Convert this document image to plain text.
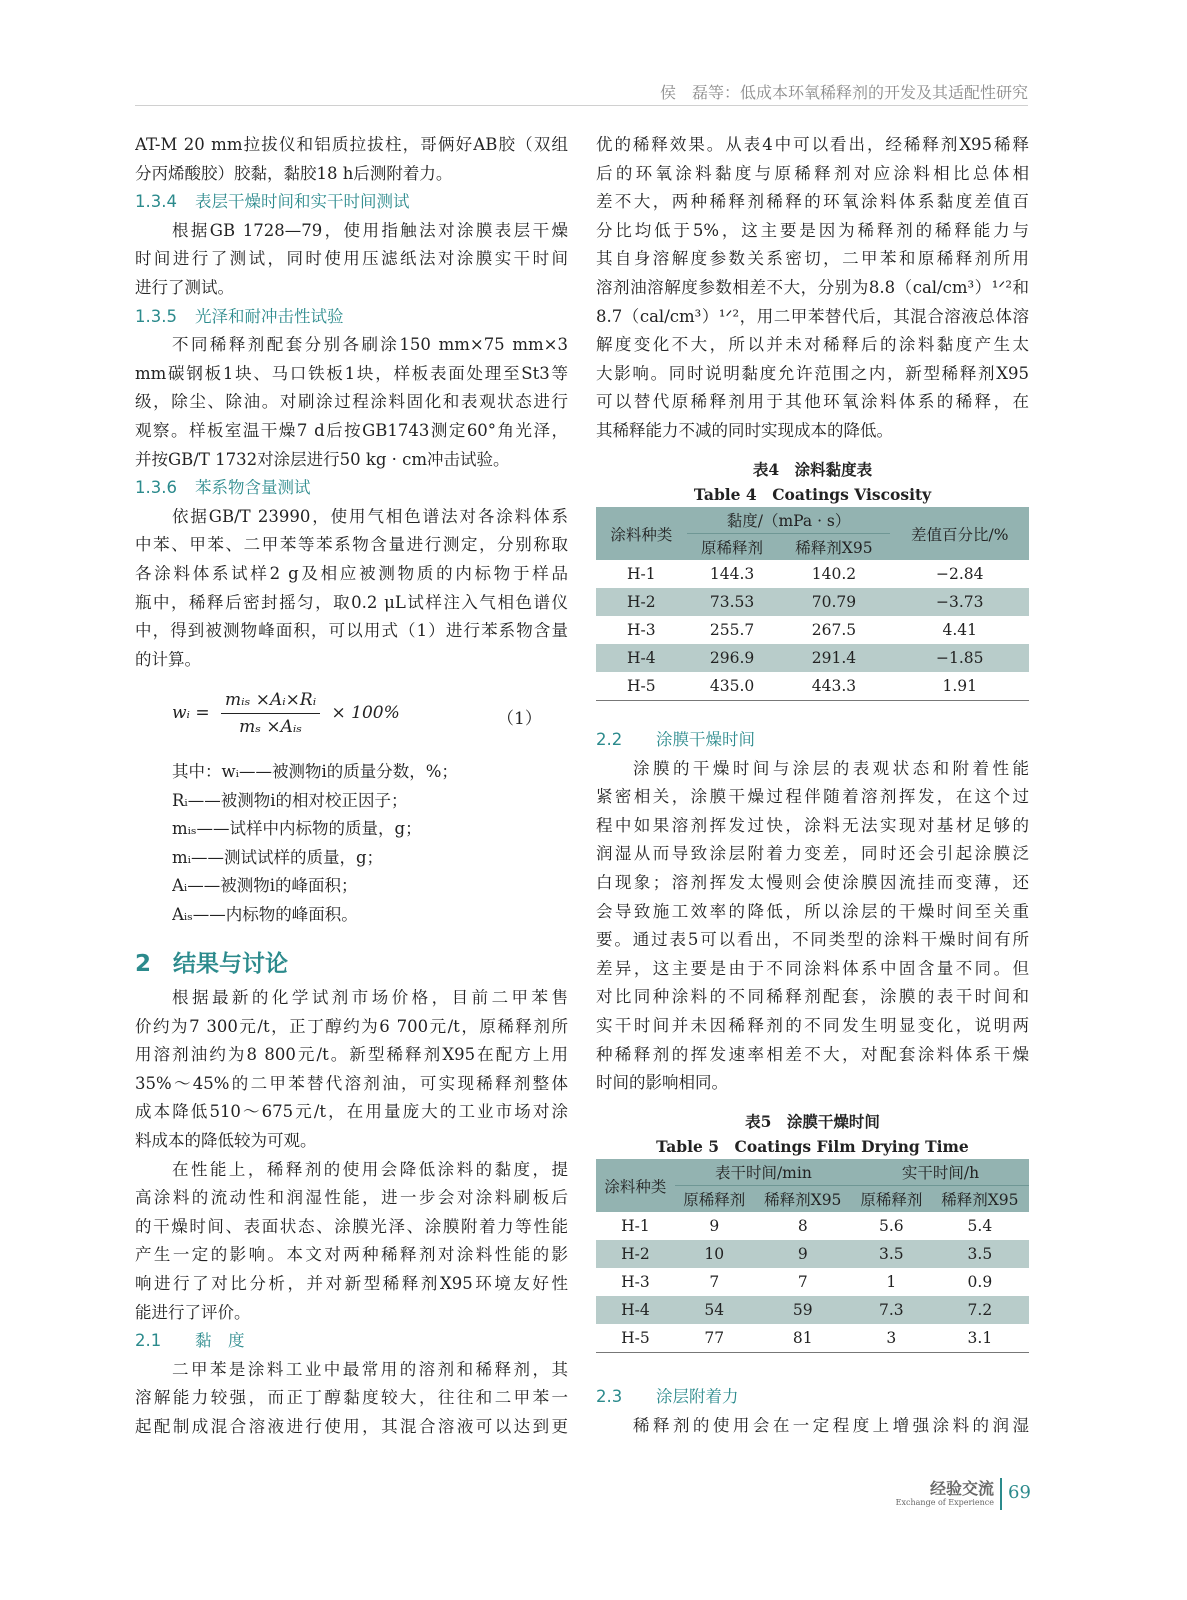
侯　磊等：低成本环氧稀释剂的开发及其适配性研究
AT-M 20 mm拉拔仪和铝质拉拔柱，哥俩好AB胶（双组
分丙烯酸胶）胶黏，黏胶18 h后测附着力。
1.3.4 表层干燥时间和实干时间测试
根据GB 1728—79，使用指触法对涂膜表层干燥
时间进行了测试，同时使用压滤纸法对涂膜实干时间
进行了测试。
1.3.5 光泽和耐冲击性试验
不同稀释剂配套分别各刷涂150 mm×75 mm×3
mm碳钢板1块、马口铁板1块，样板表面处理至St3等
级，除尘、除油。对刷涂过程涂料固化和表观状态进行
观察。样板室温干燥7 d后按GB1743测定60°角光泽，
并按GB/T 1732对涂层进行50 kg · cm冲击试验。
1.3.6 苯系物含量测试
依据GB/T 23990，使用气相色谱法对各涂料体系
中苯、甲苯、二甲苯等苯系物含量进行测定，分别称取
各涂料体系试样2 g及相应被测物质的内标物于样品
瓶中，稀释后密封摇匀，取0.2 μL试样注入气相色谱仪
中，得到被测物峰面积，可以用式（1）进行苯系物含量
的计算。
wᵢ = $\frac{\text{mᵢₛ ×Aᵢ×Rᵢ}}{\text{mₛ ×Aᵢₛ}} \times 100\%$	（1）
其中：wᵢ——被测物i的质量分数，%；
Rᵢ——被测物i的相对校正因子；
mᵢₛ——试样中内标物的质量，g；
mᵢ——测试试样的质量，g；
Aᵢ——被测物i的峰面积；
Aᵢₛ——内标物的峰面积。
2 结果与讨论
根据最新的化学试剂市场价格，目前二甲苯售
价约为7 300元/t，正丁醇约为6 700元/t，原稀释剂所
用溶剂油约为8 800元/t。新型稀释剂X95在配方上用
35%～45%的二甲苯替代溶剂油，可实现稀释剂整体
成本降低510～675元/t，在用量庞大的工业市场对涂
料成本的降低较为可观。
在性能上，稀释剂的使用会降低涂料的黏度，提
高涂料的流动性和润湿性能，进一步会对涂料刷板后
的干燥时间、表面状态、涂膜光泽、涂膜附着力等性能
产生一定的影响。本文对两种稀释剂对涂料性能的影
响进行了对比分析，并对新型稀释剂X95环境友好性
能进行了评价。
2.1 黏　度
二甲苯是涂料工业中最常用的溶剂和稀释剂，其
溶解能力较强，而正丁醇黏度较大，往往和二甲苯一
起配制成混合溶液进行使用，其混合溶液可以达到更
优的稀释效果。从表4中可以看出，经稀释剂X95稀释
后的环氧涂料黏度与原稀释剂对应涂料相比总体相
差不大，两种稀释剂稀释的环氧涂料体系黏度差值百
分比均低于5%，这主要是因为稀释剂的稀释能力与
其自身溶解度参数关系密切，二甲苯和原稀释剂所用
溶剂油溶解度参数相差不大，分别为8.8（cal/cm³）¹ᐟ²和
8.7（cal/cm³）¹ᐟ²，用二甲苯替代后，其混合溶液总体溶
解度变化不大，所以并未对稀释后的涂料黏度产生太
大影响。同时说明黏度允许范围之内，新型稀释剂X95
可以替代原稀释剂用于其他环氧涂料体系的稀释，在
其稀释能力不减的同时实现成本的降低。
表4　涂料黏度表
Table 4　Coatings Viscosity
涂料种类	黏度/（mPa · s）		差值百分比/%
	原稀释剂	稀释剂X95	
H-1	144.3	140.2	−2.84
H-2	73.53	70.79	−3.73
H-3	255.7	267.5	4.41
H-4	296.9	291.4	−1.85
H-5	435.0	443.3	1.91
2.2 涂膜干燥时间
涂膜的干燥时间与涂层的表观状态和附着性能
紧密相关，涂膜干燥过程伴随着溶剂挥发，在这个过
程中如果溶剂挥发过快，涂料无法实现对基材足够的
润湿从而导致涂层附着力变差，同时还会引起涂膜泛
白现象；溶剂挥发太慢则会使涂膜因流挂而变薄，还
会导致施工效率的降低，所以涂层的干燥时间至关重
要。通过表5可以看出，不同类型的涂料干燥时间有所
差异，这主要是由于不同涂料体系中固含量不同。但
对比同种涂料的不同稀释剂配套，涂膜的表干时间和
实干时间并未因稀释剂的不同发生明显变化，说明两
种稀释剂的挥发速率相差不大，对配套涂料体系干燥
时间的影响相同。
表5　涂膜干燥时间
Table 5　Coatings Film Drying Time
涂料种类	表干时间/min		实干时间/h	
	原稀释剂	稀释剂X95	原稀释剂	稀释剂X95
H-1	9	8	5.6	5.4
H-2	10	9	3.5	3.5
H-3	7	7	1	0.9
H-4	54	59	7.3	7.2
H-5	77	81	3	3.1
2.3 涂层附着力
稀释剂的使用会在一定程度上增强涂料的润湿
经验交流
Exchange of Experience 69
